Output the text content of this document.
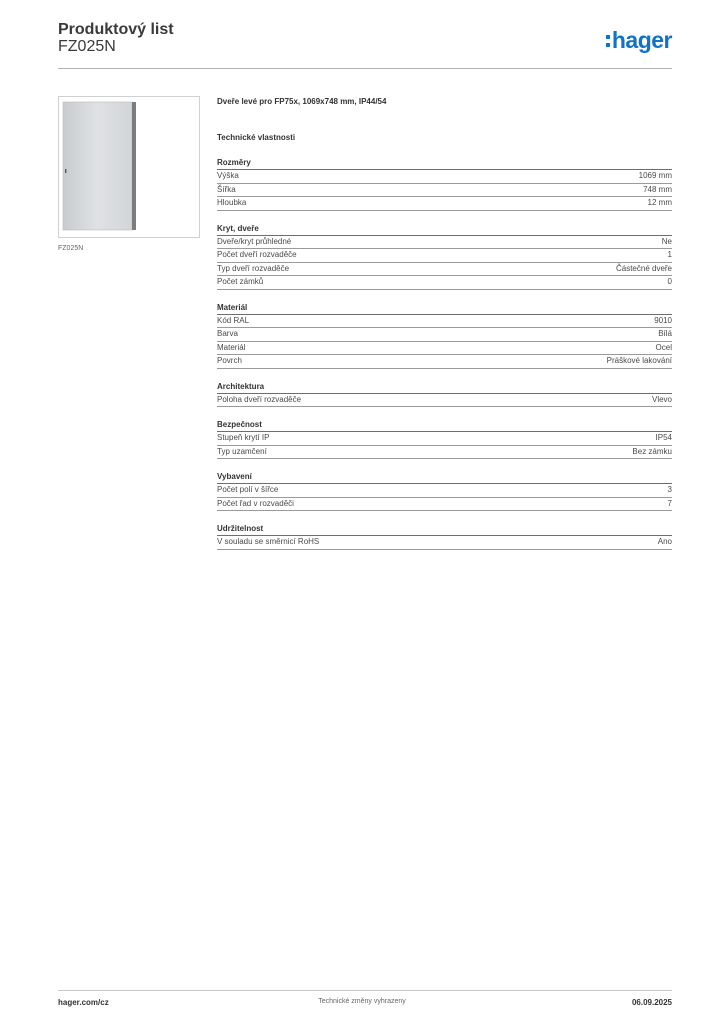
Produktový list
FZ025N	hager
FZ025N
Dveře levé pro FP75x, 1069x748 mm, IP44/54
Technické vlastnosti
Rozměry
Výška	1069 mm
Šířka	748 mm
Hloubka	12 mm
Kryt, dveře
Dveře/kryt průhledné	Ne
Počet dveří rozvaděče	1
Typ dveří rozvaděče	Částečné dveře
Počet zámků	0
Materiál
Kód RAL	9010
Barva	Bílá
Materiál	Ocel
Povrch	Práškové lakování
Architektura
Poloha dveří rozvaděče	Vlevo
Bezpečnost
Stupeň krytí IP	IP54
Typ uzamčení	Bez zámku
Vybavení
Počet polí v šířce	3
Počet řad v rozvaděči	7
Udržitelnost
V souladu se směrnicí RoHS	Ano
hager.com/cz	Technické změny vyhrazeny	06.09.2025
